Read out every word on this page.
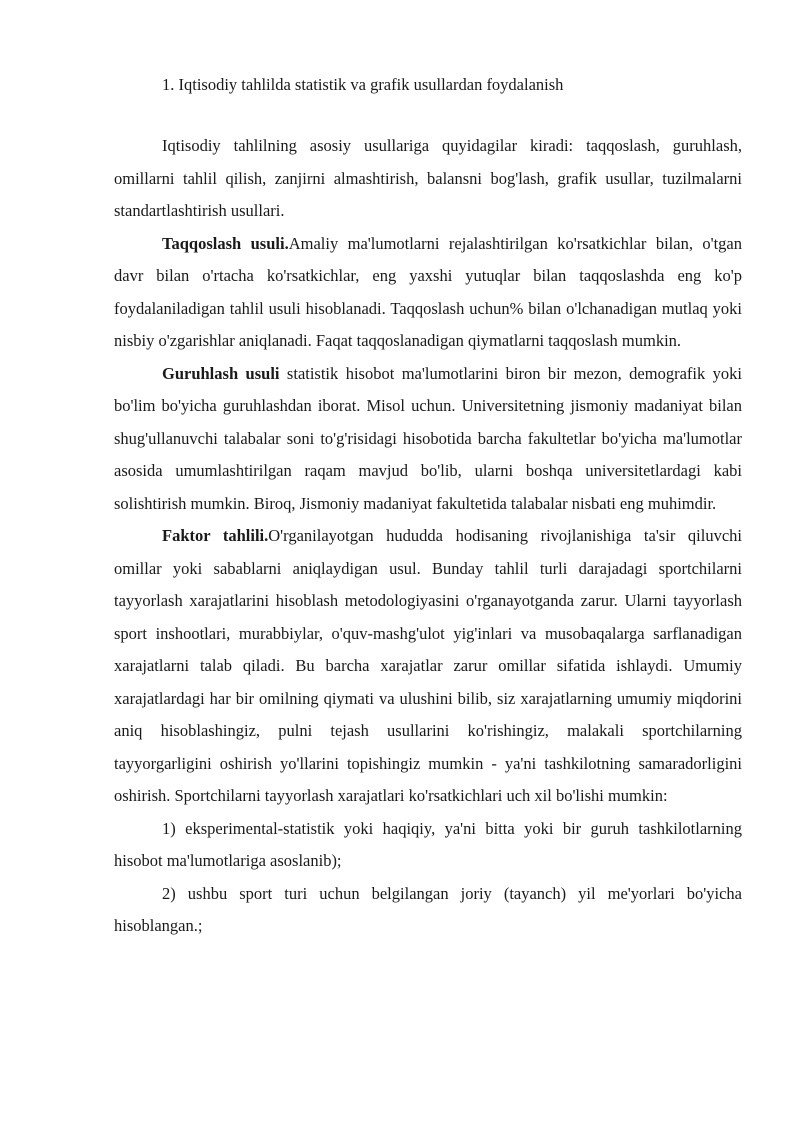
1. Iqtisodiy tahlilda statistik va grafik usullardan foydalanish

Iqtisodiy tahlilning asosiy usullariga quyidagilar kiradi: taqqoslash, guruhlash, omillarni tahlil qilish, zanjirni almashtirish, balansni bog'lash, grafik usullar, tuzilmalarni standartlashtirish usullari.

Taqqoslash usuli.Amaliy ma'lumotlarni rejalashtirilgan ko'rsatkichlar bilan, o'tgan davr bilan o'rtacha ko'rsatkichlar, eng yaxshi yutuqlar bilan taqqoslashda eng ko'p foydalaniladigan tahlil usuli hisoblanadi. Taqqoslash uchun% bilan o'lchanadigan mutlaq yoki nisbiy o'zgarishlar aniqlanadi. Faqat taqqoslanadigan qiymatlarni taqqoslash mumkin.

Guruhlash usuli statistik hisobot ma'lumotlarini biron bir mezon, demografik yoki bo'lim bo'yicha guruhlashdan iborat. Misol uchun. Universitetning jismoniy madaniyat bilan shug'ullanuvchi talabalar soni to'g'risidagi hisobotida barcha fakultetlar bo'yicha ma'lumotlar asosida umumlashtirilgan raqam mavjud bo'lib, ularni boshqa universitetlardagi kabi solishtirish mumkin. Biroq, Jismoniy madaniyat fakultetida talabalar nisbati eng muhimdir.

Faktor tahlili.O'rganilayotgan hududda hodisaning rivojlanishiga ta'sir qiluvchi omillar yoki sabablarni aniqlaydigan usul. Bunday tahlil turli darajadagi sportchilarni tayyorlash xarajatlarini hisoblash metodologiyasini o'rganayotganda zarur. Ularni tayyorlash sport inshootlari, murabbiylar, o'quv-mashg'ulot yig'inlari va musobaqalarga sarflanadigan xarajatlarni talab qiladi. Bu barcha xarajatlar zarur omillar sifatida ishlaydi. Umumiy xarajatlardagi har bir omilning qiymati va ulushini bilib, siz xarajatlarning umumiy miqdorini aniq hisoblashingiz, pulni tejash usullarini ko'rishingiz, malakali sportchilarning tayyorgarligini oshirish yo'llarini topishingiz mumkin - ya'ni tashkilotning samaradorligini oshirish. Sportchilarni tayyorlash xarajatlari ko'rsatkichlari uch xil bo'lishi mumkin:

1) eksperimental-statistik yoki haqiqiy, ya'ni bitta yoki bir guruh tashkilotlarning hisobot ma'lumotlariga asoslanib);

2) ushbu sport turi uchun belgilangan joriy (tayanch) yil me'yorlari bo'yicha hisoblangan.;
